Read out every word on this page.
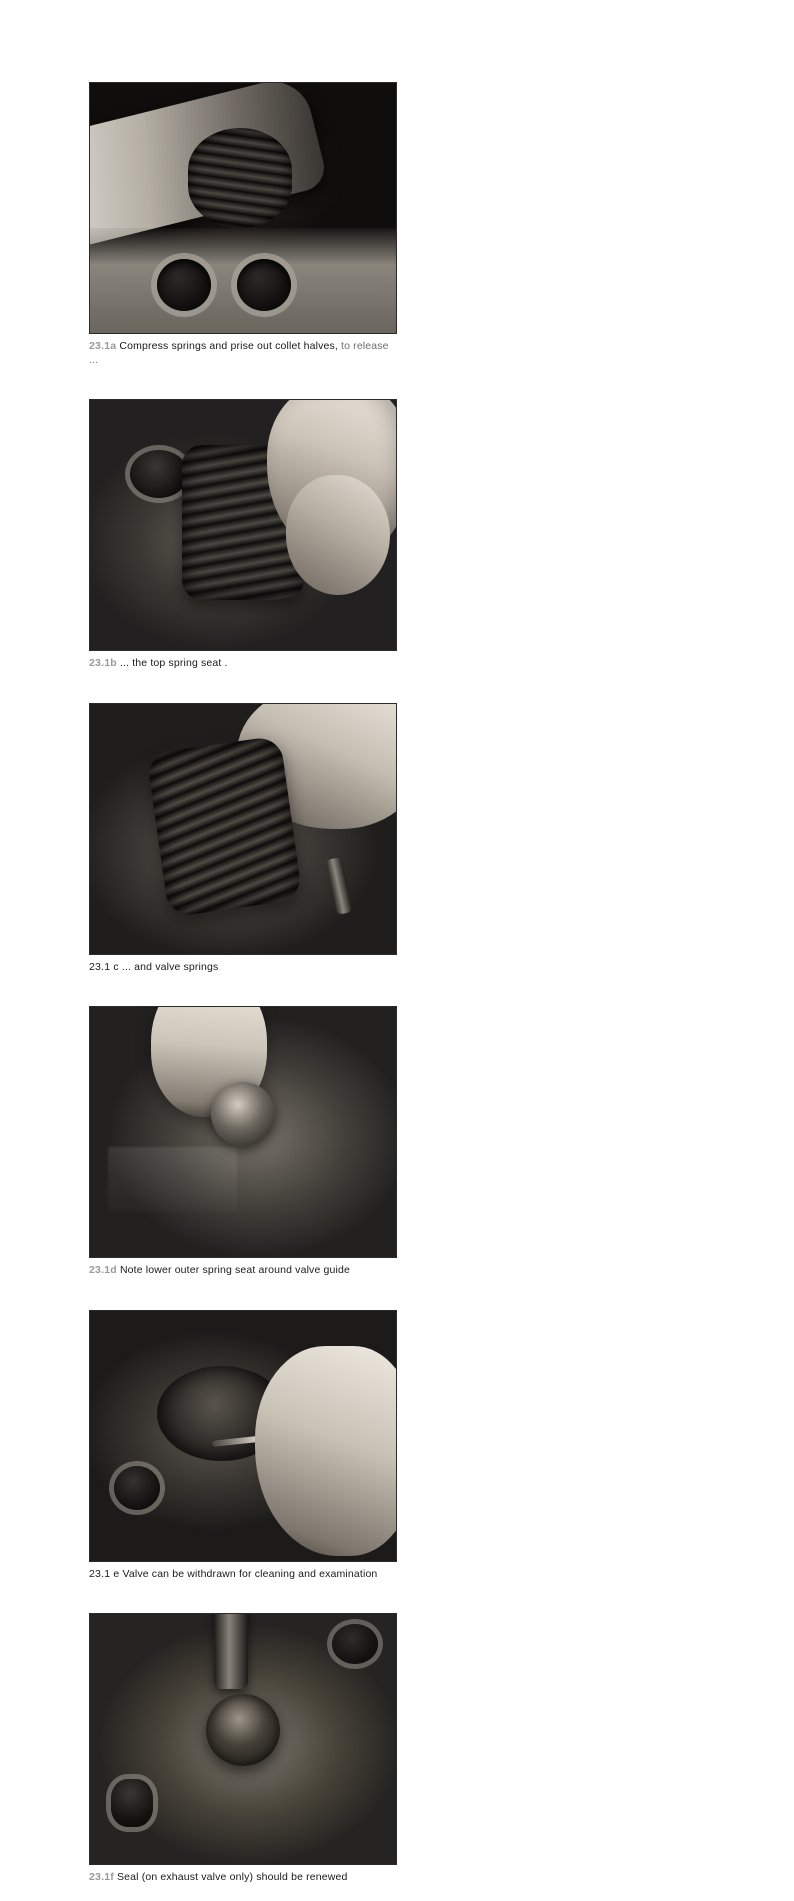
23.1a Compress springs and prise out collet halves, to release ...
23.1b ... the top spring seat .
23.1 c ... and valve springs
23.1d Note lower outer spring seat around valve guide
23.1 e Valve can be withdrawn for cleaning and examination
23.1f Seal (on exhaust valve only) should be renewed
